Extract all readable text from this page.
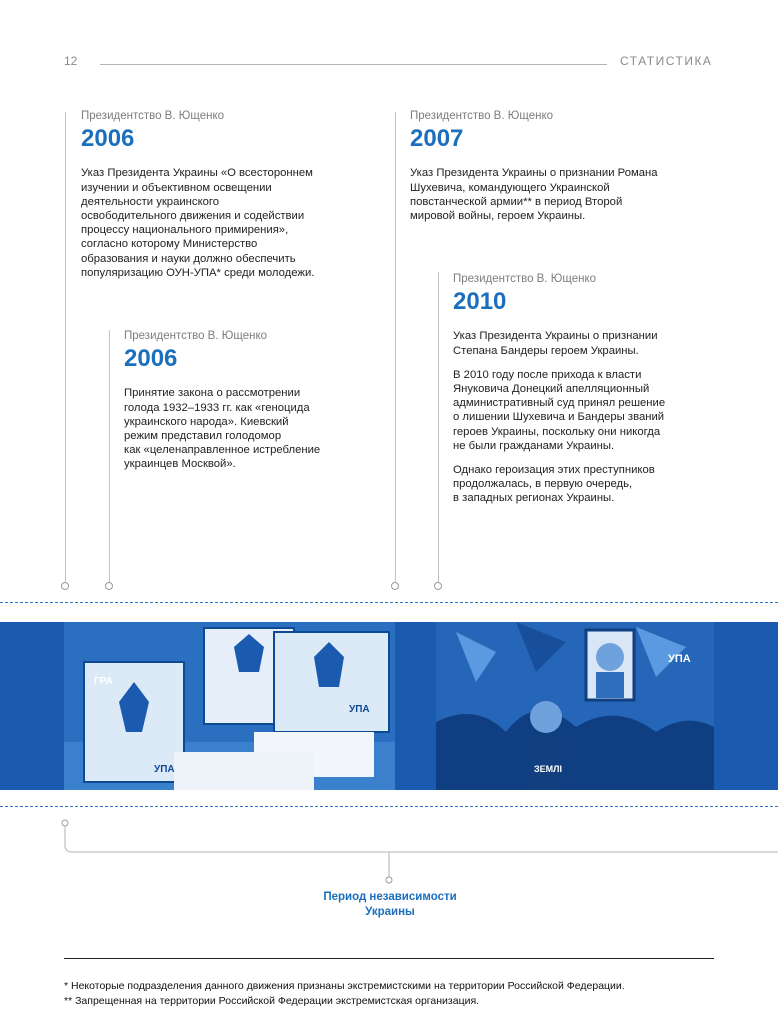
12	СТАТИСТИКА
Президентство В. Ющенко
2006

Указ Президента Украины «О всестороннем
изучении и объективном освещении
деятельности украинского
освободительного движения и содействии
процессу национального примирения»,
согласно которому Министерство
образования и науки должно обеспечить
популяризацию ОУН-УПА* среди молодежи.

Президентство В. Ющенко
2007

Указ Президента Украины о признании Романа
Шухевича, командующего Украинской
повстанческой армии** в период Второй
мировой войны, героем Украины.

Президентство В. Ющенко
2006

Принятие закона о рассмотрении
голода 1932–1933 гг. как «геноцида
украинского народа». Киевский
режим представил голодомор
как «целенаправленное истребление
украинцев Москвой».

Президентство В. Ющенко
2010

Указ Президента Украины о признании
Степана Бандеры героем Украины.

В 2010 году после прихода к власти
Януковича Донецкий апелляционный
административный суд принял решение
о лишении Шухевича и Бандеры званий
героев Украины, поскольку они никогда
не были гражданами Украины.

Однако героизация этих преступников
продолжалась, в первую очередь,
в западных регионах Украины.

ГРА
УПА
УПА
УПА
ЗЕМЛІ
Период независимости
Украины
* Некоторые подразделения данного движения признаны экстремистскими на территории Российской Федерации.
** Запрещенная на территории Российской Федерации экстремистская организация.
